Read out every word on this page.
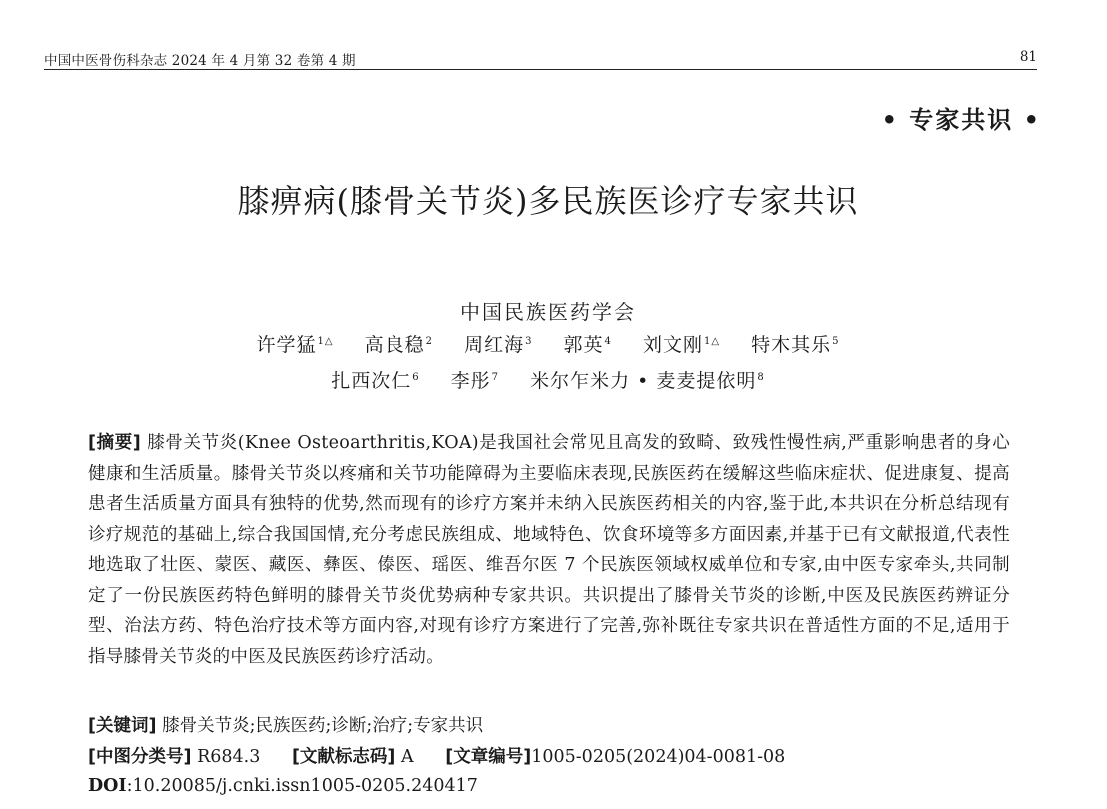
中国中医骨伤科杂志 2024 年 4 月第 32 卷第 4 期	81
• 专家共识 •
膝痹病(膝骨关节炎)多民族医诊疗专家共识
中国民族医药学会
许学猛$^{1\triangle}$ 高良稳$^2$ 周红海$^3$ 郭英$^4$ 刘文刚$^{1\triangle}$ 特木其乐$^5$
扎西次仁$^6$ 李彤$^7$ 米尔乍米力 • 麦麦提依明$^8$
[摘要] 膝骨关节炎(Knee Osteoarthritis,KOA)是我国社会常见且高发的致畸、致残性慢性病,严重影响患者的身心健康和生活质量。膝骨关节炎以疼痛和关节功能障碍为主要临床表现,民族医药在缓解这些临床症状、促进康复、提高患者生活质量方面具有独特的优势,然而现有的诊疗方案并未纳入民族医药相关的内容,鉴于此,本共识在分析总结现有诊疗规范的基础上,综合我国国情,充分考虑民族组成、地域特色、饮食环境等多方面因素,并基于已有文献报道,代表性地选取了壮医、蒙医、藏医、彝医、傣医、瑶医、维吾尔医 7 个民族医领域权威单位和专家,由中医专家牵头,共同制定了一份民族医药特色鲜明的膝骨关节炎优势病种专家共识。共识提出了膝骨关节炎的诊断,中医及民族医药辨证分型、治法方药、特色治疗技术等方面内容,对现有诊疗方案进行了完善,弥补既往专家共识在普适性方面的不足,适用于指导膝骨关节炎的中医及民族医药诊疗活动。
[关键词] 膝骨关节炎;民族医药;诊断;治疗;专家共识
[中图分类号] R684.3 [文献标志码] A [文章编号]1005-0205(2024)04-0081-08
DOI:10.20085/j.cnki.issn1005-0205.240417
